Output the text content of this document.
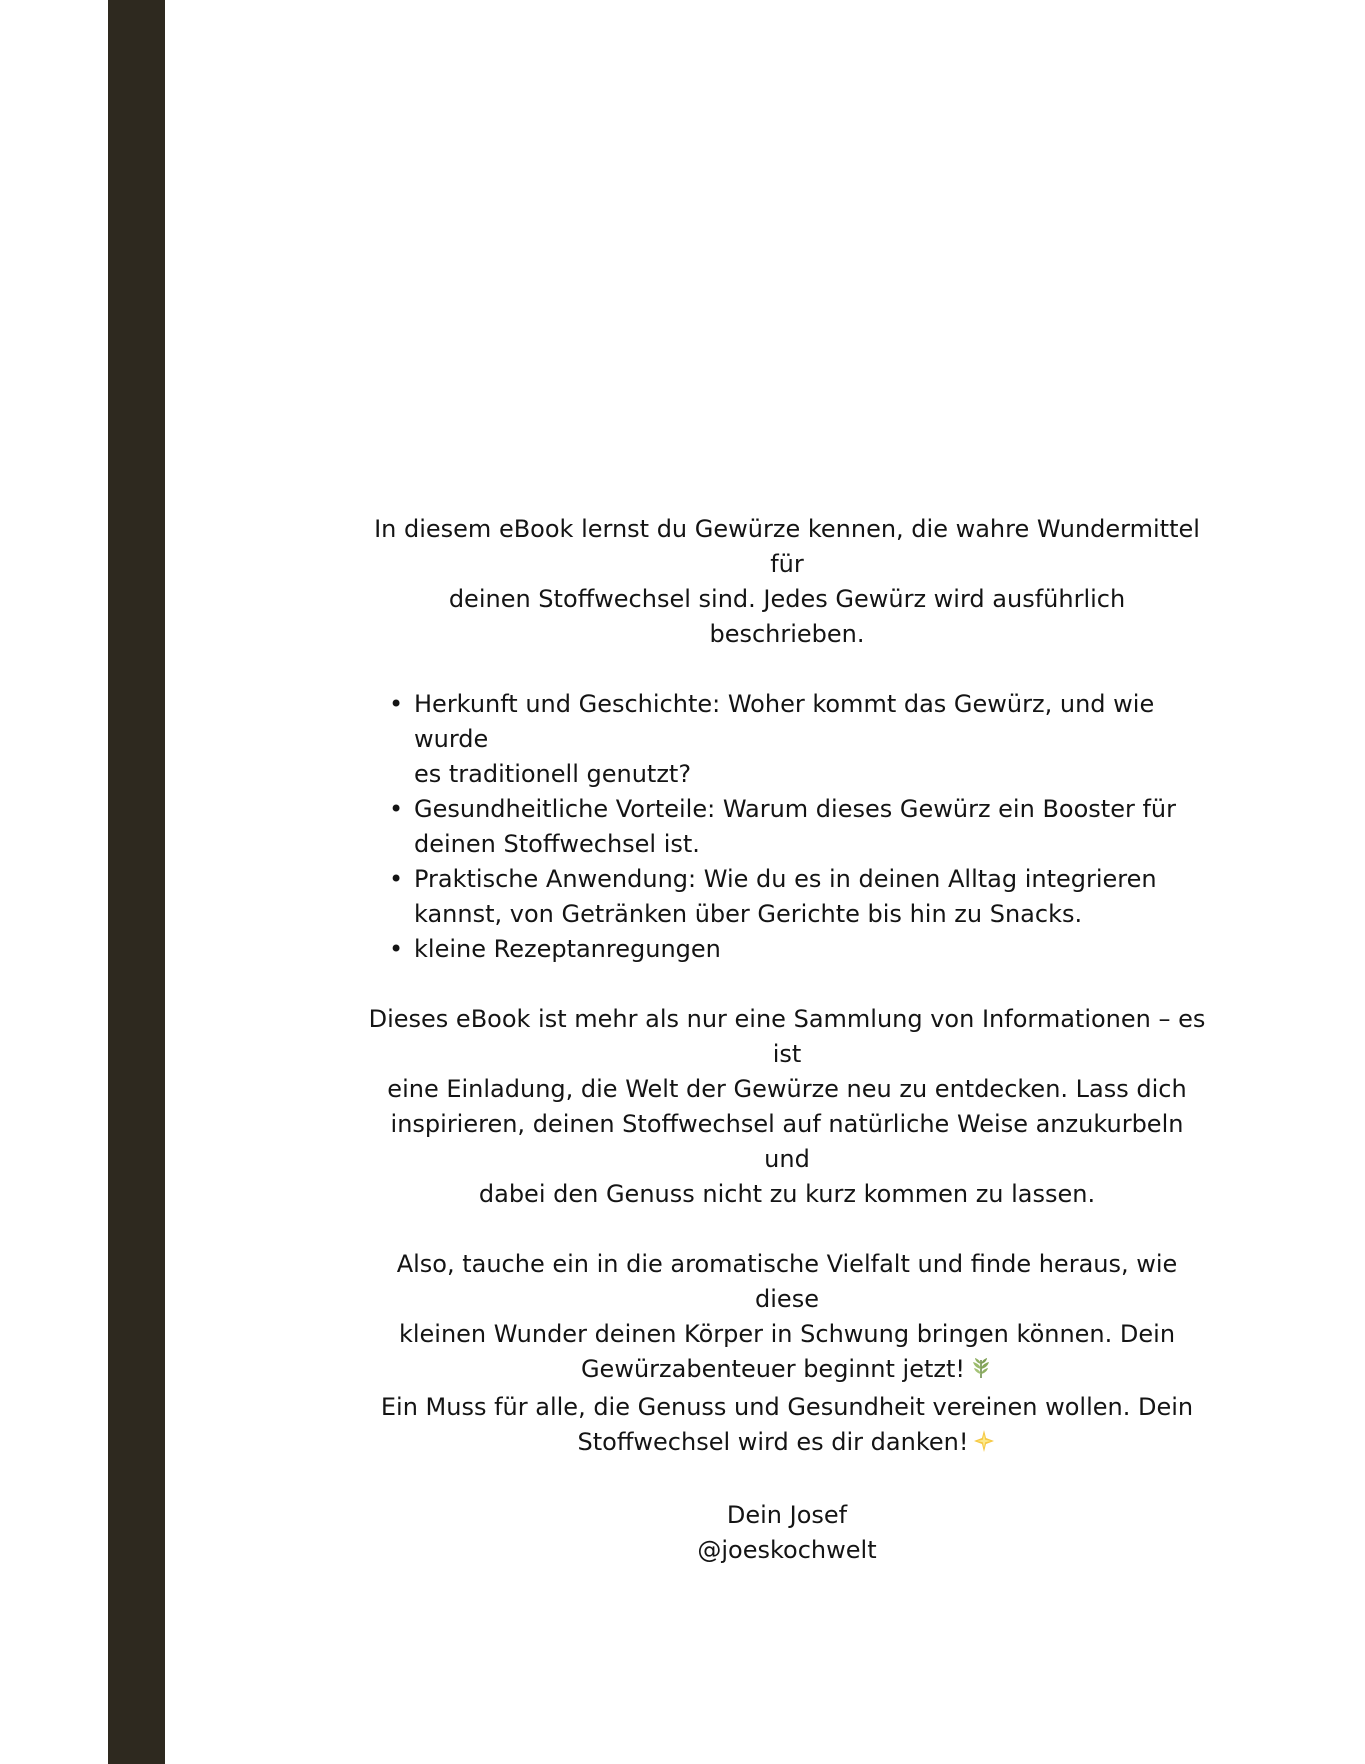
In diesem eBook lernst du Gewürze kennen, die wahre Wundermittel für
deinen Stoffwechsel sind. Jedes Gewürz wird ausführlich beschrieben.

• Herkunft und Geschichte: Woher kommt das Gewürz, und wie wurde
es traditionell genutzt?
• Gesundheitliche Vorteile: Warum dieses Gewürz ein Booster für
deinen Stoffwechsel ist.
• Praktische Anwendung: Wie du es in deinen Alltag integrieren
kannst, von Getränken über Gerichte bis hin zu Snacks.
• kleine Rezeptanregungen

Dieses eBook ist mehr als nur eine Sammlung von Informationen – es ist
eine Einladung, die Welt der Gewürze neu zu entdecken. Lass dich
inspirieren, deinen Stoffwechsel auf natürliche Weise anzukurbeln und
dabei den Genuss nicht zu kurz kommen zu lassen.

Also, tauche ein in die aromatische Vielfalt und finde heraus, wie diese
kleinen Wunder deinen Körper in Schwung bringen können. Dein
Gewürzabenteuer beginnt jetzt!

Ein Muss für alle, die Genuss und Gesundheit vereinen wollen. Dein
Stoffwechsel wird es dir danken!

Dein Josef
@joeskochwelt
